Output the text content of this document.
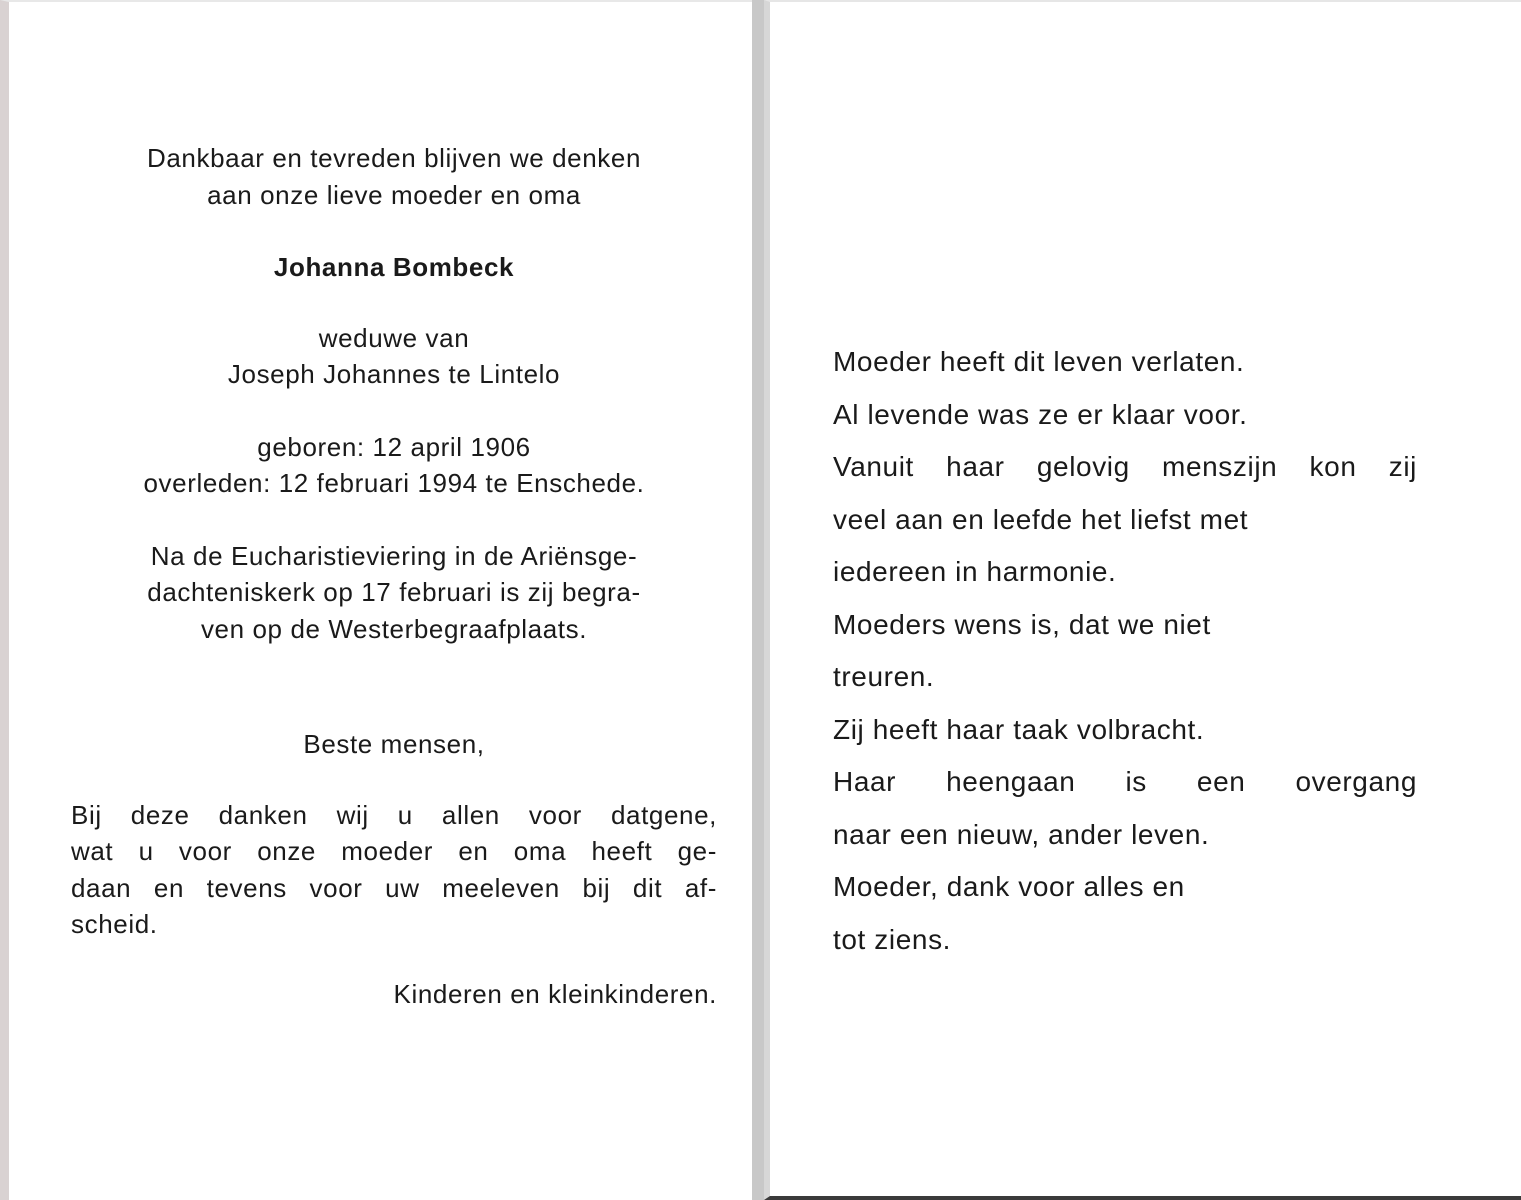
Dankbaar en tevreden blijven we denken
aan onze lieve moeder en oma
Johanna Bombeck
weduwe van
Joseph Johannes te Lintelo
geboren: 12 april 1906
overleden: 12 februari 1994 te Enschede.
Na de Eucharistieviering in de Ariënsge-
dachteniskerk op 17 februari is zij begra-
ven op de Westerbegraafplaats.
Beste mensen,
Bij deze danken wij u allen voor datgene,
wat u voor onze moeder en oma heeft ge-
daan en tevens voor uw meeleven bij dit af-
scheid.
Kinderen en kleinkinderen.
Moeder heeft dit leven verlaten.
Al levende was ze er klaar voor.
Vanuit haar gelovig menszijn kon zij
veel aan en leefde het liefst met
iedereen in harmonie.
Moeders wens is, dat we niet
treuren.
Zij heeft haar taak volbracht.
Haar heengaan is een overgang
naar een nieuw, ander leven.
Moeder, dank voor alles en
tot ziens.
